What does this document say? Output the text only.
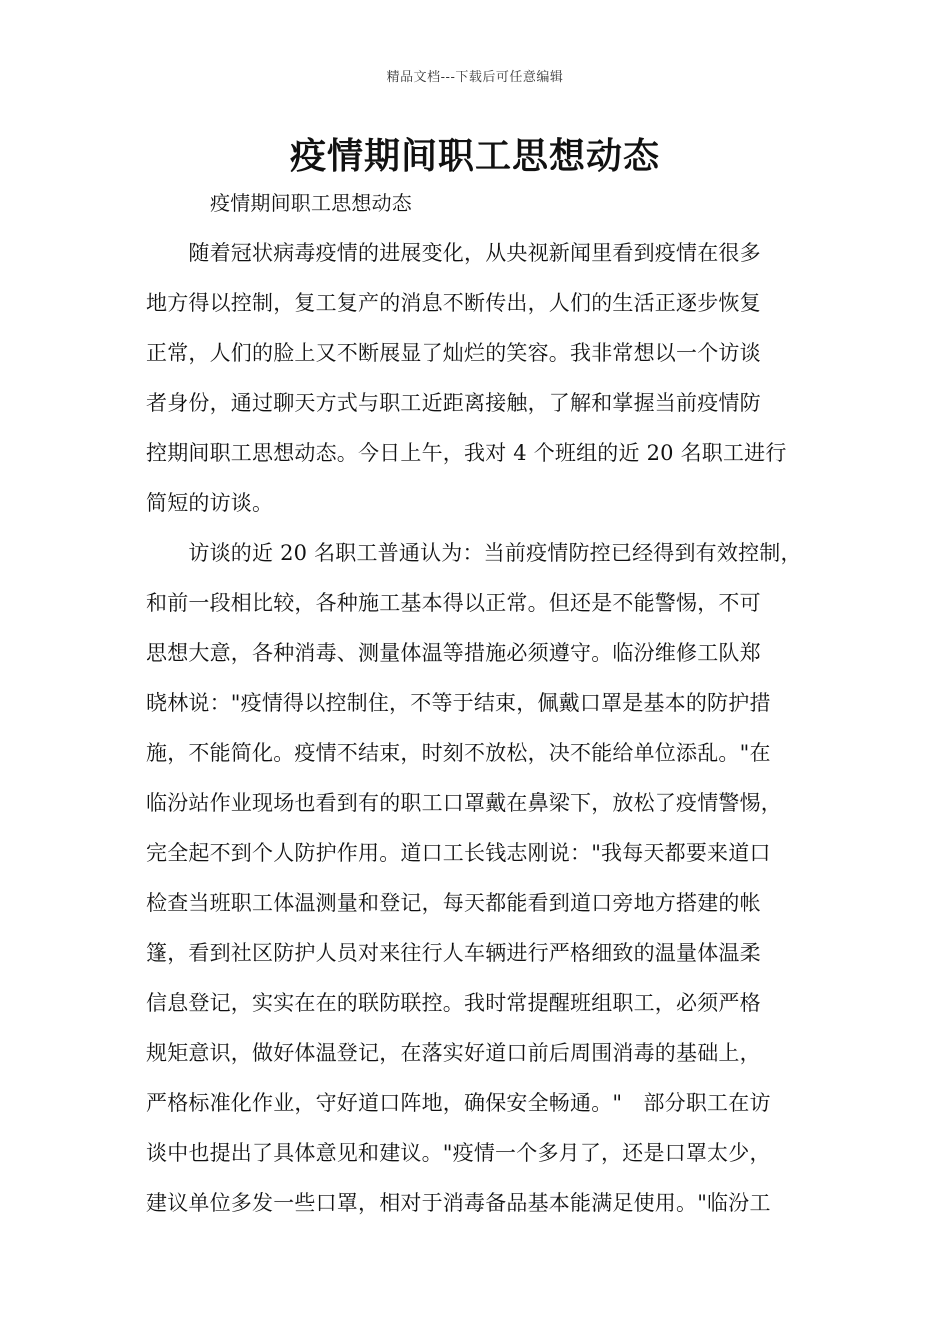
精品文档---下载后可任意编辑
疫情期间职工思想动态
疫情期间职工思想动态
　　随着冠状病毒疫情的进展变化，从央视新闻里看到疫情在很多
地方得以控制，复工复产的消息不断传出，人们的生活正逐步恢复
正常，人们的脸上又不断展显了灿烂的笑容。我非常想以一个访谈
者身份，通过聊天方式与职工近距离接触，了解和掌握当前疫情防
控期间职工思想动态。今日上午，我对 4 个班组的近 20 名职工进行
简短的访谈。
　　访谈的近 20 名职工普通认为：当前疫情防控已经得到有效控制，
和前一段相比较，各种施工基本得以正常。但还是不能警惕，不可
思想大意，各种消毒、测量体温等措施必须遵守。临汾维修工队郑
晓林说："疫情得以控制住，不等于结束，佩戴口罩是基本的防护措
施，不能简化。疫情不结束，时刻不放松，决不能给单位添乱。"在
临汾站作业现场也看到有的职工口罩戴在鼻梁下，放松了疫情警惕，
完全起不到个人防护作用。道口工长钱志刚说："我每天都要来道口
检查当班职工体温测量和登记，每天都能看到道口旁地方搭建的帐
篷，看到社区防护人员对来往行人车辆进行严格细致的温量体温柔
信息登记，实实在在的联防联控。我时常提醒班组职工，必须严格
规矩意识，做好体温登记，在落实好道口前后周围消毒的基础上，
严格标准化作业，守好道口阵地，确保安全畅通。"　部分职工在访
谈中也提出了具体意见和建议。"疫情一个多月了，还是口罩太少，
建议单位多发一些口罩，相对于消毒备品基本能满足使用。"临汾工
